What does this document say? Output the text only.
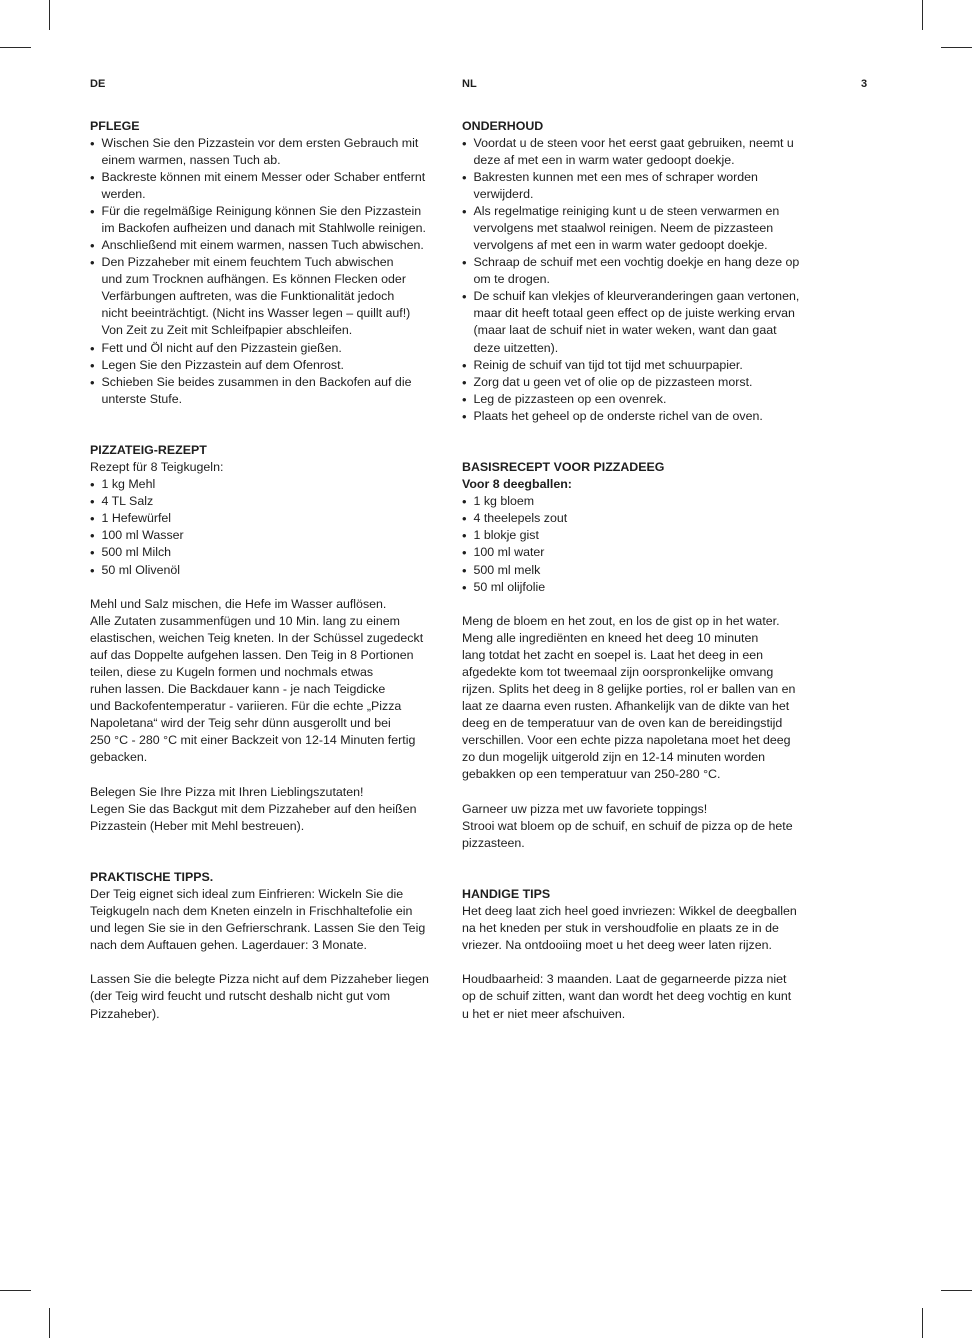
DE	NL	3
PFLEGE
• Wischen Sie den Pizzastein vor dem ersten Gebrauch mit
einem warmen, nassen Tuch ab.
• Backreste können mit einem Messer oder Schaber entfernt
werden.
• Für die regelmäßige Reinigung können Sie den Pizzastein
im Backofen aufheizen und danach mit Stahlwolle reinigen.
• Anschließend mit einem warmen, nassen Tuch abwischen.
• Den Pizzaheber mit einem feuchtem Tuch abwischen
und zum Trocknen aufhängen. Es können Flecken oder
Verfärbungen auftreten, was die Funktionalität jedoch
nicht beeinträchtigt. (Nicht ins Wasser legen – quillt auf!)
Von Zeit zu Zeit mit Schleifpapier abschleifen.
• Fett und Öl nicht auf den Pizzastein gießen.
• Legen Sie den Pizzastein auf dem Ofenrost.
• Schieben Sie beides zusammen in den Backofen auf die
unterste Stufe.
PIZZATEIG-REZEPT
Rezept für 8 Teigkugeln:
• 1 kg Mehl
• 4 TL Salz
• 1 Hefewürfel
• 100 ml Wasser
• 500 ml Milch
• 50 ml Olivenöl
Mehl und Salz mischen, die Hefe im Wasser auflösen.
Alle Zutaten zusammenfügen und 10 Min. lang zu einem
elastischen, weichen Teig kneten. In der Schüssel zugedeckt
auf das Doppelte aufgehen lassen. Den Teig in 8 Portionen
teilen, diese zu Kugeln formen und nochmals etwas
ruhen lassen. Die Backdauer kann - je nach Teigdicke
und Backofentemperatur - variieren. Für die echte „Pizza
Napoletana“ wird der Teig sehr dünn ausgerollt und bei
250 °C - 280 °C mit einer Backzeit von 12-14 Minuten fertig
gebacken.
Belegen Sie Ihre Pizza mit Ihren Lieblingszutaten!
Legen Sie das Backgut mit dem Pizzaheber auf den heißen
Pizzastein (Heber mit Mehl bestreuen).
PRAKTISCHE TIPPS.
Der Teig eignet sich ideal zum Einfrieren: Wickeln Sie die
Teigkugeln nach dem Kneten einzeln in Frischhaltefolie ein
und legen Sie sie in den Gefrierschrank. Lassen Sie den Teig
nach dem Auftauen gehen. Lagerdauer: 3 Monate.
Lassen Sie die belegte Pizza nicht auf dem Pizzaheber liegen
(der Teig wird feucht und rutscht deshalb nicht gut vom
Pizzaheber).
ONDERHOUD
• Voordat u de steen voor het eerst gaat gebruiken, neemt u
deze af met een in warm water gedoopt doekje.
• Bakresten kunnen met een mes of schraper worden
verwijderd.
• Als regelmatige reiniging kunt u de steen verwarmen en
vervolgens met staalwol reinigen. Neem de pizzasteen
vervolgens af met een in warm water gedoopt doekje.
• Schraap de schuif met een vochtig doekje en hang deze op
om te drogen.
• De schuif kan vlekjes of kleurveranderingen gaan vertonen,
maar dit heeft totaal geen effect op de juiste werking ervan
(maar laat de schuif niet in water weken, want dan gaat
deze uitzetten).
• Reinig de schuif van tijd tot tijd met schuurpapier.
• Zorg dat u geen vet of olie op de pizzasteen morst.
• Leg de pizzasteen op een ovenrek.
• Plaats het geheel op de onderste richel van de oven.
BASISRECEPT VOOR PIZZADEEG
Voor 8 deegballen:
• 1 kg bloem
• 4 theelepels zout
• 1 blokje gist
• 100 ml water
• 500 ml melk
• 50 ml olijfolie
Meng de bloem en het zout, en los de gist op in het water.
Meng alle ingrediënten en kneed het deeg 10 minuten
lang totdat het zacht en soepel is. Laat het deeg in een
afgedekte kom tot tweemaal zijn oorspronkelijke omvang
rijzen. Splits het deeg in 8 gelijke porties, rol er ballen van en
laat ze daarna even rusten. Afhankelijk van de dikte van het
deeg en de temperatuur van de oven kan de bereidingstijd
verschillen. Voor een echte pizza napoletana moet het deeg
zo dun mogelijk uitgerold zijn en 12-14 minuten worden
gebakken op een temperatuur van 250-280 °C.
Garneer uw pizza met uw favoriete toppings!
Strooi wat bloem op de schuif, en schuif de pizza op de hete
pizzasteen.
HANDIGE TIPS
Het deeg laat zich heel goed invriezen: Wikkel de deegballen
na het kneden per stuk in vershoudfolie en plaats ze in de
vriezer. Na ontdooiing moet u het deeg weer laten rijzen.
Houdbaarheid: 3 maanden. Laat de gegarneerde pizza niet
op de schuif zitten, want dan wordt het deeg vochtig en kunt
u het er niet meer afschuiven.
